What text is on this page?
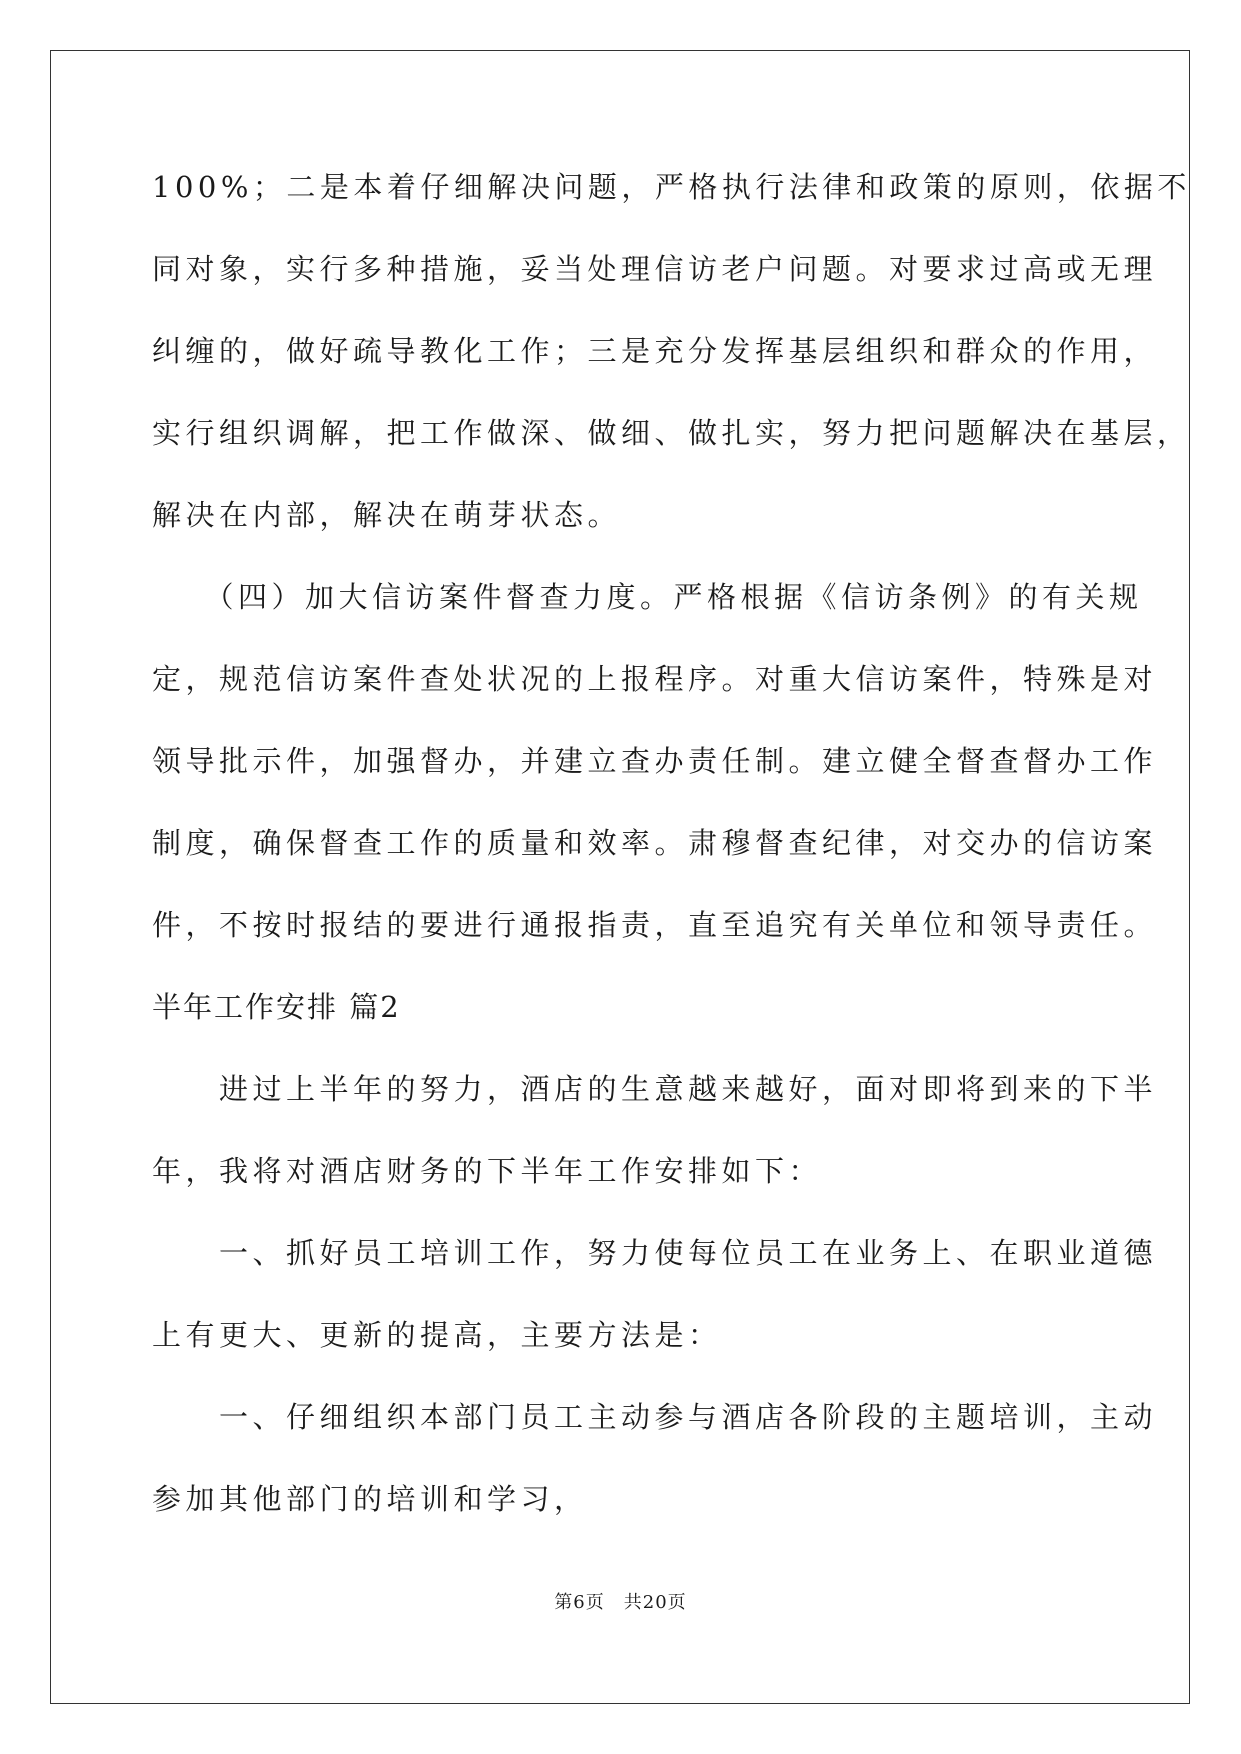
100%；二是本着仔细解决问题，严格执行法律和政策的原则，依据不
同对象，实行多种措施，妥当处理信访老户问题。对要求过高或无理
纠缠的，做好疏导教化工作；三是充分发挥基层组织和群众的作用，
实行组织调解，把工作做深、做细、做扎实，努力把问题解决在基层，
解决在内部，解决在萌芽状态。
　　（四）加大信访案件督查力度。严格根据《信访条例》的有关规
定，规范信访案件查处状况的上报程序。对重大信访案件，特殊是对
领导批示件，加强督办，并建立查办责任制。建立健全督查督办工作
制度，确保督查工作的质量和效率。肃穆督查纪律，对交办的信访案
件，不按时报结的要进行通报指责，直至追究有关单位和领导责任。
半年工作安排 篇2
　　进过上半年的努力，酒店的生意越来越好，面对即将到来的下半
年，我将对酒店财务的下半年工作安排如下：
　　一、抓好员工培训工作，努力使每位员工在业务上、在职业道德
上有更大、更新的提高，主要方法是：
　　一、仔细组织本部门员工主动参与酒店各阶段的主题培训，主动
参加其他部门的培训和学习，
第6页　共20页
